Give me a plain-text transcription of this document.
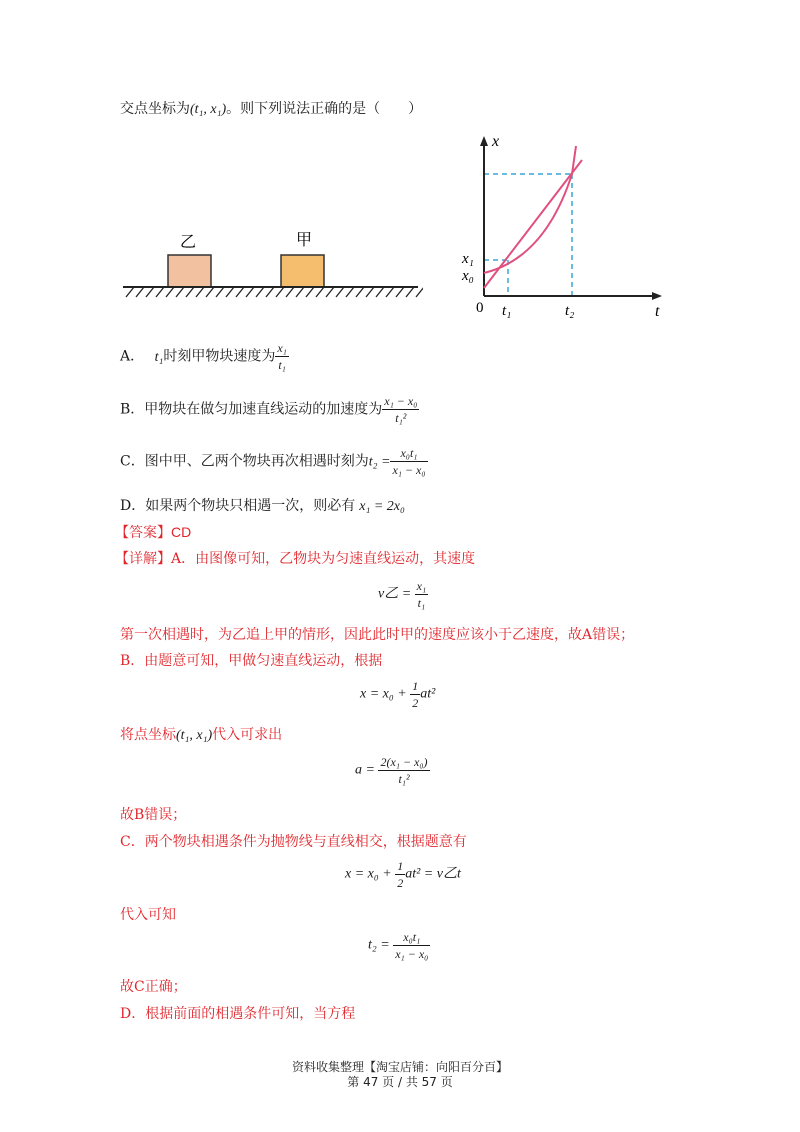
交点坐标为(t₁, x₁)。则下列说法正确的是（　　）
乙	甲
x
t
x₁
x₀
0 t₁	t₂
A． t₁时刻甲物块速度为 $\frac{\text{x₁}}{\text{t₁}}$
B．甲物块在做匀加速直线运动的加速度为 $\frac{\text{x₁ − x₀}}{\text{t₁²}}$
C．图中甲、乙两个物块再次相遇时刻为$t_2 = \frac{\text{x₀t₁}}{\text{x₁ − x₀}}$
D．如果两个物块只相遇一次，则必有 x₁ = 2x₀
【答案】CD
【详解】A．由图像可知，乙物块为匀速直线运动，其速度
v乙 = $\frac{\text{x₁}}{\text{t₁}}$
第一次相遇时，为乙追上甲的情形，因此此时甲的速度应该小于乙速度，故A错误；
B．由题意可知，甲做匀速直线运动，根据
$x = x_0 + \frac{1}{2} at^2$
将点坐标(t₁, x₁)代入可求出
$a = \frac{\text{2(x₁ − x₀)}}{\text{t₁²}}$
故B错误；
C．两个物块相遇条件为抛物线与直线相交，根据题意有
$x = x_0 + \frac{1}{2} at^2 = v$乙t
代入可知
$t_2 = \frac{\text{x₀t₁}}{\text{x₁ − x₀}}$
故C正确；
D．根据前面的相遇条件可知，当方程
资料收集整理【淘宝店铺：向阳百分百】
第 47 页 / 共 57 页
